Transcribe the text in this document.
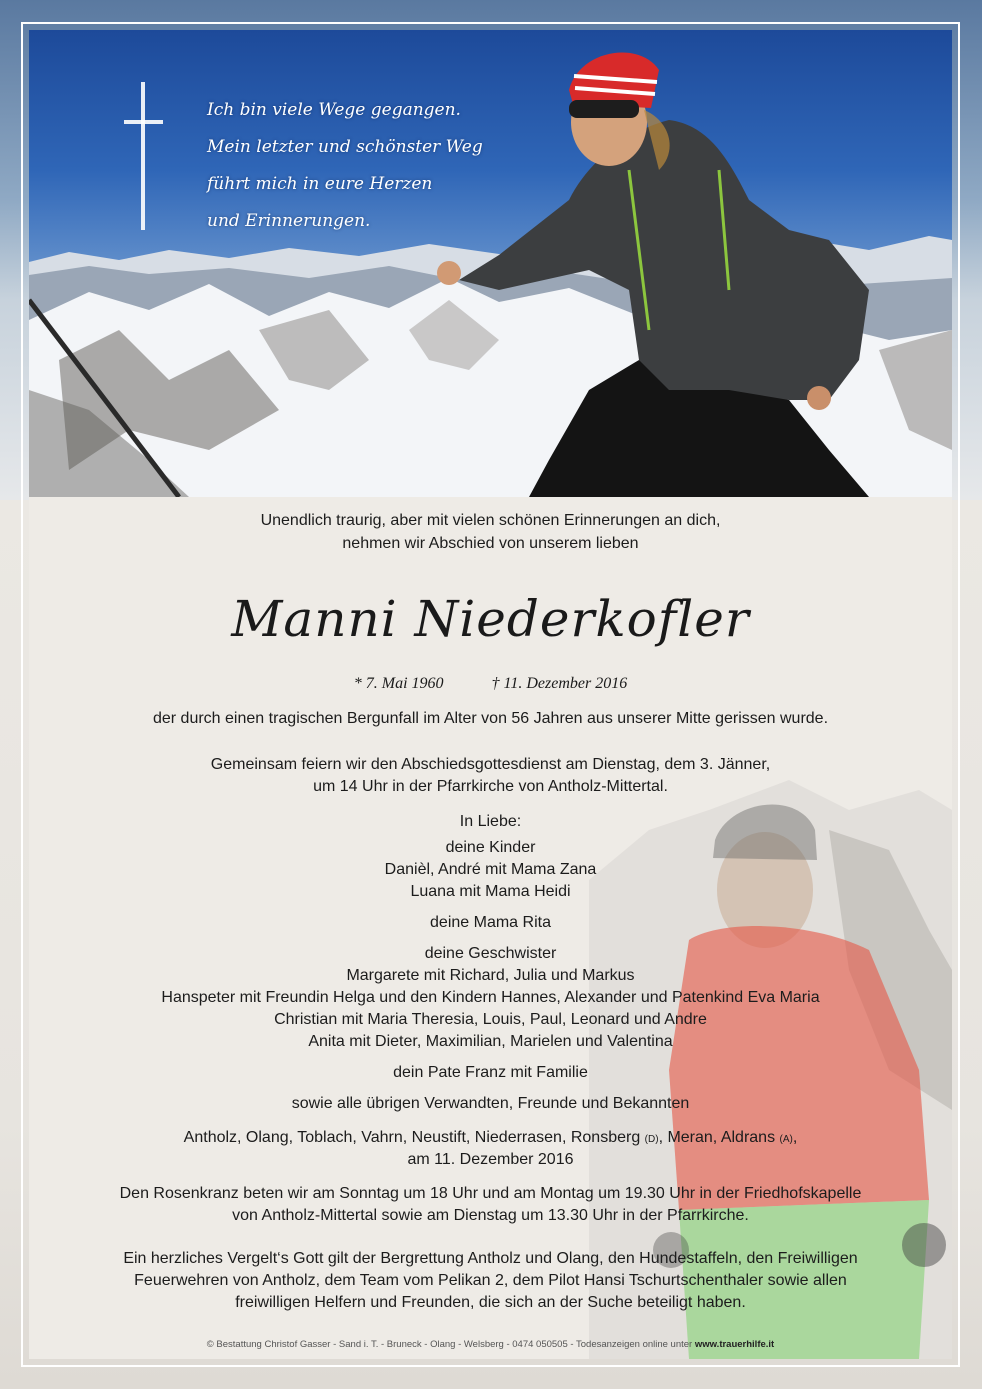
Ich bin viele Wege gegangen.
Mein letzter und schönster Weg
führt mich in eure Herzen
und Erinnerungen.
Unendlich traurig, aber mit vielen schönen Erinnerungen an dich,
nehmen wir Abschied von unserem lieben
Manni Niederkofler
* 7. Mai 1960	† 11. Dezember 2016
der durch einen tragischen Bergunfall im Alter von 56 Jahren aus unserer Mitte gerissen wurde.
Gemeinsam feiern wir den Abschiedsgottesdienst am Dienstag, dem 3. Jänner,
um 14 Uhr in der Pfarrkirche von Antholz-Mittertal.
In Liebe:
deine Kinder
Danièl, André mit Mama Zana
Luana mit Mama Heidi
deine Mama Rita
deine Geschwister
Margarete mit Richard, Julia und Markus
Hanspeter mit Freundin Helga und den Kindern Hannes, Alexander und Patenkind Eva Maria
Christian mit Maria Theresia, Louis, Paul, Leonard und Andre
Anita mit Dieter, Maximilian, Marielen und Valentina
dein Pate Franz mit Familie
sowie alle übrigen Verwandten, Freunde und Bekannten
Antholz, Olang, Toblach, Vahrn, Neustift, Niederrasen, Ronsberg (D), Meran, Aldrans (A),
am 11. Dezember 2016
Den Rosenkranz beten wir am Sonntag um 18 Uhr und am Montag um 19.30 Uhr in der Friedhofskapelle
von Antholz-Mittertal sowie am Dienstag um 13.30 Uhr in der Pfarrkirche.
Ein herzliches Vergelt‘s Gott gilt der Bergrettung Antholz und Olang, den Hundestaffeln, den Freiwilligen
Feuerwehren von Antholz, dem Team vom Pelikan 2, dem Pilot Hansi Tschurtschenthaler sowie allen
freiwilligen Helfern und Freunden, die sich an der Suche beteiligt haben.
© Bestattung Christof Gasser - Sand i. T. - Bruneck - Olang - Welsberg - 0474 050505 - Todesanzeigen online unter www.trauerhilfe.it
